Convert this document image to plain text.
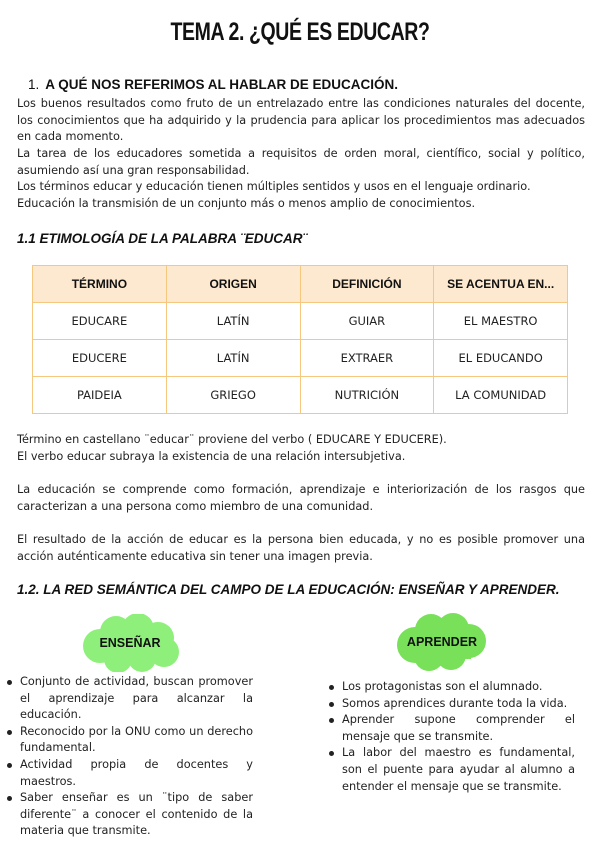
TEMA 2. ¿QUÉ ES EDUCAR?
1. A QUÉ NOS REFERIMOS AL HABLAR DE EDUCACIÓN.
Los buenos resultados como fruto de un entrelazado entre las condiciones naturales del docente, los conocimientos que ha adquirido y la prudencia para aplicar los procedimientos mas adecuados en cada momento.
La tarea de los educadores sometida a requisitos de orden moral, científico, social y político, asumiendo así una gran responsabilidad.
Los términos educar y educación tienen múltiples sentidos y usos en el lenguaje ordinario.
Educación la transmisión de un conjunto más o menos amplio de conocimientos.
1.1 ETIMOLOGÍA DE LA PALABRA ¨EDUCAR¨
TÉRMINO	ORIGEN	DEFINICIÓN	SE ACENTUA EN...
EDUCARE	LATÍN	GUIAR	EL MAESTRO
EDUCERE	LATÍN	EXTRAER	EL EDUCANDO
PAIDEIA	GRIEGO	NUTRICIÓN	LA COMUNIDAD
Término en castellano ¨educar¨ proviene del verbo ( EDUCARE Y EDUCERE).
El verbo educar subraya la existencia de una relación intersubjetiva.
La educación se comprende como formación, aprendizaje e interiorización de los rasgos que caracterizan a una persona como miembro de una comunidad.
El resultado de la acción de educar es la persona bien educada, y no es posible promover una acción auténticamente educativa sin tener una imagen previa.
1.2. LA RED SEMÁNTICA DEL CAMPO DE LA EDUCACIÓN: ENSEÑAR Y APRENDER.
ENSEÑAR	APRENDER
Conjunto de actividad, buscan promover el aprendizaje para alcanzar la educación.
Reconocido por la ONU como un derecho fundamental.
Actividad propia de docentes y maestros.
Saber enseñar es un ¨tipo de saber diferente¨ a conocer el contenido de la materia que transmite.
Los protagonistas son el alumnado.
Somos aprendices durante toda la vida.
Aprender supone comprender el mensaje que se transmite.
La labor del maestro es fundamental, son el puente para ayudar al alumno a entender el mensaje que se transmite.
